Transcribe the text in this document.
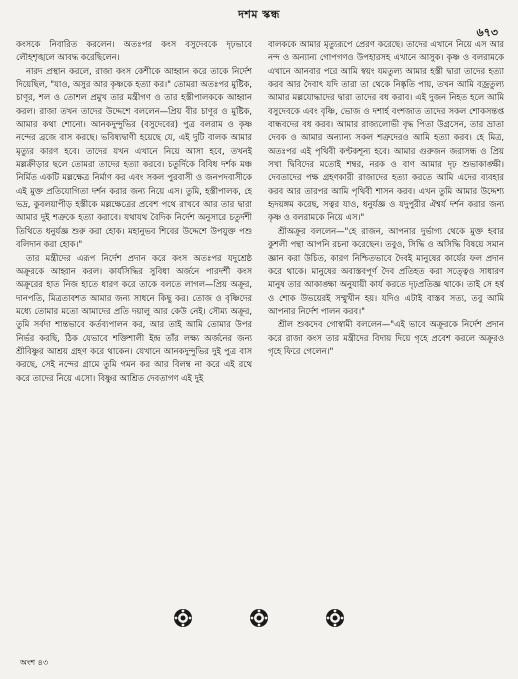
দশম স্কন্ধ
৬৭৩

কংসকে নিবারিত করলেন। অতঃপর কংস বসুদেবকে দৃঢ়ভাবে লৌহশৃঙ্খলে আবদ্ধ করেছিলেন।

নারদ প্রস্থান করলে, রাজা কংস কেশীকে আহ্বান করে তাকে নির্দেশ দিয়েছিল, "যাও, অসুর আর কৃষ্ণকে হত্যা কর।" তোমরা অতঃপর মুষ্টিক, চাণূর, শল ও তোশল প্রমুখ তার মন্ত্রীগণ ও তার হস্তীপালককে আহ্বান করল। রাজা তখন তাদের উদ্দেশে বললেন—প্রিয় বীর চাণূর ও মুষ্টিক, আমার কথা শোনো। আনকদুন্দুভির (বসুদেবের) পুত্র বলরাম ও কৃষ্ণ নন্দের ব্রজে বাস করছে। ভবিষ্যদ্বাণী হয়েছে যে, এই দুটি বালক আমার মৃত্যুর কারণ হবে। তাদের যখন এখানে নিয়ে আসা হবে, তখনই মল্লক্রীড়ার ছলে তোমরা তাদের হত্যা করবে। চতুর্দিকে বিবিধ দর্শক মঞ্চ নির্মিত একটি মল্লক্ষেত্র নির্মাণ কর এবং সকল পুরবাসী ও জনপদবাসীকে এই মুক্ত প্রতিযোগিতা দর্শন করার জন্য নিয়ে এস। তুমি, হস্তীপালক, হে ভদ্র, কুবলয়াপীড় হস্তীকে মল্লক্ষেত্রের প্রবেশ পথে রাখবে আর তার দ্বারা আমার দুই শত্রুকে হত্যা করাবে। যথাযথ বৈদিক নির্দেশ অনুসারে চতুর্দশী তিথিতে ধনুর্যজ্ঞ শুরু করা হোক। মহানুভব শিবের উদ্দেশে উপযুক্ত পশু বলিদান করা হোক।"

তার মন্ত্রীদের এরূপ নির্দেশ প্রদান করে কংস অতঃপর যদুশ্রেষ্ঠ অক্রূরকে আহ্বান করল। কার্যসিদ্ধির সুবিধা অর্জনে পারদর্শী কংস অক্রূরের হাত নিজ হাতে ধারণ করে তাকে বলতে লাগল—প্রিয় অক্রূর, দানপতি, মিত্রতাবশত আমার জন্য সাধনে কিছু কর। তোজ ও বৃষ্ণিদের মধ্যে তোমার মতো আমাদের প্রতি দয়ালু আর কেউ নেই। সৌম্য অক্রূর, তুমি সর্বদা শান্তভাবে কর্তব্যপালন কর, আর তাই আমি তোমার উপর নির্ভর করছি, ঠিক যেভাবে শক্তিশালী ইন্দ্র তাঁর লক্ষ্য অর্জনের জন্য শ্রীবিষ্ণুর আশ্রয় গ্রহণ করে থাকেন। যেখানে আনকদুন্দুভির দুই পুত্র বাস করছে, সেই নন্দের গ্রামে তুমি গমন কর আর বিলম্ব না করে এই রথে করে তাদের নিয়ে এসো। বিষ্ণুর আশ্রিত দেবতাগণ এই দুই

বালককে আমার মৃত্যুরূপে প্রেরণ করেছে। তাদের এখানে নিয়ে এস আর নন্দ ও অন্যান্য গোপগণও উপহারসহ এখানে আসুক। কৃষ্ণ ও বলরামকে এখানে আনবার পরে আমি স্বয়ং যমতুল্য আমার হস্তী দ্বারা তাদের হত্যা করব আর দৈবাৎ যদি তারা তা থেকে নিষ্কৃতি পায়, তখন আমি বজ্রতুল্য আমার মল্লযোদ্ধাদের দ্বারা তাদের বধ করাব। এই দুজন নিহত হলে আমি বসুদেবকে এবং বৃষ্ণি, ভোজ ও দশার্হ বংশজাত তাদের সকল শোকসন্তপ্ত বান্ধবদের বধ করব। আমার রাজ্যলোভী বৃদ্ধ পিতা উগ্রসেন, তার ভ্রাতা দেবক ও আমার অন্যান্য সকল শত্রুদেরও আমি হত্যা করব। হে মিত্র, অতঃপর এই পৃথিবী কণ্টকশূন্য হবে। আমার গুরুজন জরাসন্ধ ও প্রিয় সখা দ্বিবিদের মতোই শম্বর, নরক ও বাণ আমার দৃঢ় শুভাকাঙ্ক্ষী। দেবতাদের পক্ষ গ্রহণকারী রাজাদের হত্যা করতে আমি এদের ব্যবহার করব আর তারপর আমি পৃথিবী শাসন করব। এখন তুমি আমার উদ্দেশ্য হৃদয়ঙ্গম করেছ, সত্বর যাও, ধনুর্যজ্ঞ ও যদুপুরীর ঐশ্বর্য দর্শন করার জন্য কৃষ্ণ ও বলরামকে নিয়ে এস।"

শ্রীঅক্রূর বললেন—"হে রাজন, আপনার দুর্ভাগ্য থেকে মুক্ত হবার কুশলী পন্থা আপনি রচনা করেছেন। তবুও, সিদ্ধি ও অসিদ্ধি বিষয়ে সমান জ্ঞান করা উচিত, কারণ নিশ্চিতভাবে দৈবই মানুষের কার্যের ফল প্রদান করে থাকে। মানুষের অবাস্তবপূর্ণ দৈব প্রতিহত করা সত্ত্বেও সাধারণ মানুষ তার আকাঙ্ক্ষা অনুযায়ী কার্য করতে দৃঢ়প্রতিজ্ঞ থাকে। তাই সে হর্ষ ও শোক উভয়েরই সম্মুখীন হয়। যদিও এটাই বাস্তব সত্য, তবু আমি আপনার নির্দেশ পালন করব।"

শ্রীল শুকদেব গোস্বামী বললেন—"এই ভাবে অক্রূরকে নির্দেশ প্রদান করে রাজা কংস তার মন্ত্রীদের বিদায় দিয়ে গৃহে প্রবেশ করলে অক্রূরও গৃহে ফিরে গেলেন।"

অংশ ৪৩
